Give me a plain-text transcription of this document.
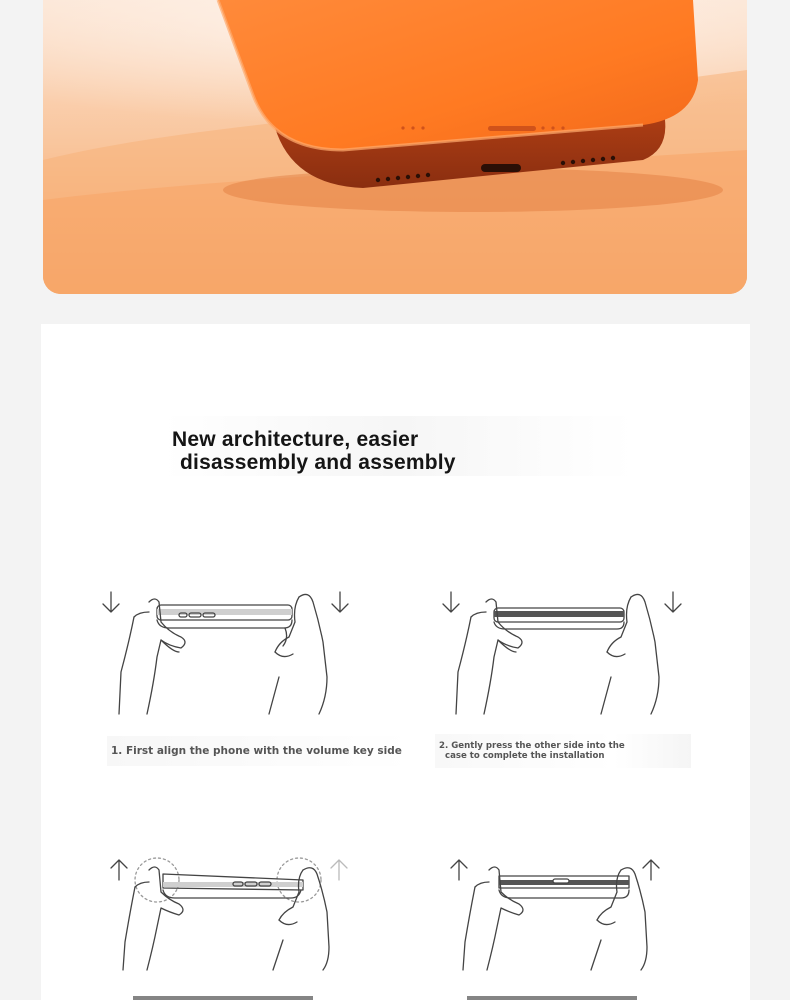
New architecture, easier
disassembly and assembly
1. First align the phone with the volume key side	2. Gently press the other side into the
case to complete the installation
